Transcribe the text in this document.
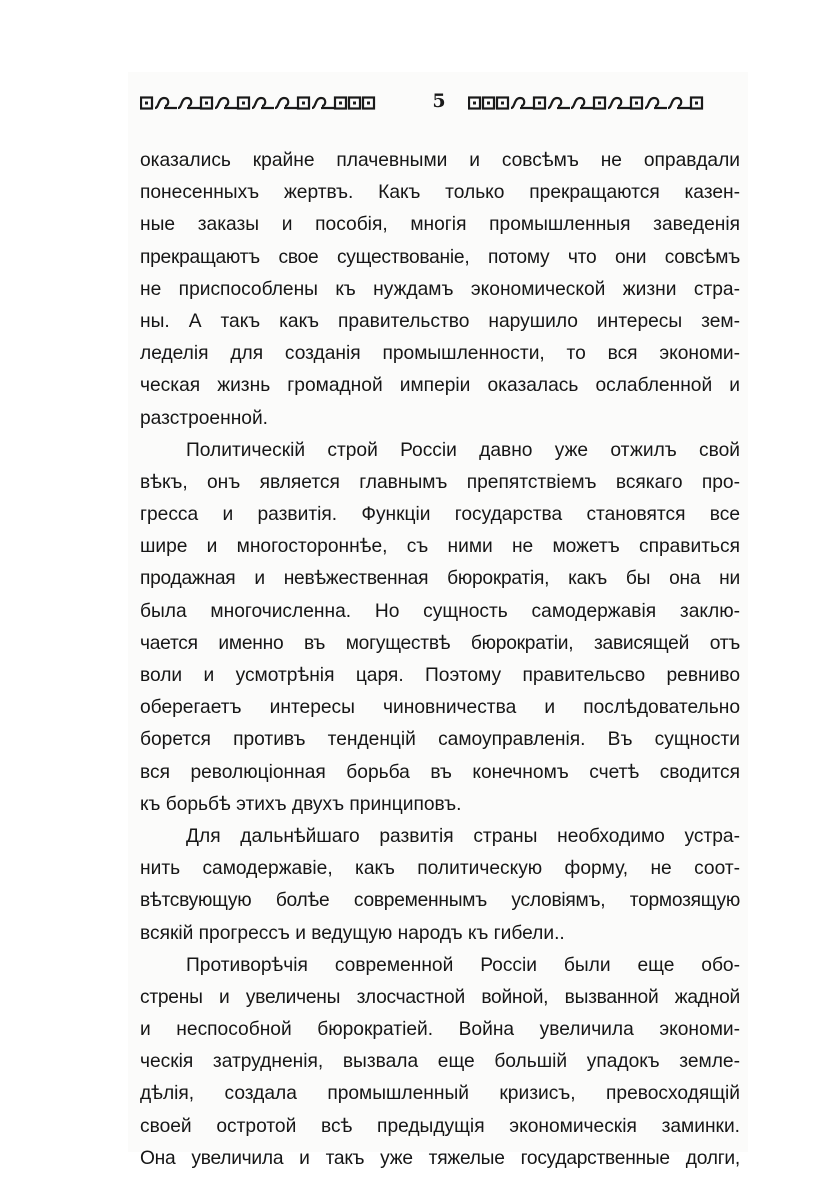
5
оказались крайне плачевными и совсѣмъ не оправдали
понесенныхъ жертвъ. Какъ только прекращаются казен-
ные заказы и пособія, многія промышленныя заведенія
прекращаютъ свое существованіе, потому что они совсѣмъ
не приспособлены къ нуждамъ экономической жизни стра-
ны. А такъ какъ правительство нарушило интересы зем-
леделія для созданія промышленности, то вся экономи-
ческая жизнь громадной имперіи оказалась ослабленной и
разстроенной.
Политическій строй Россіи давно уже отжилъ свой
вѣкъ, онъ является главнымъ препятствіемъ всякаго про-
гресса и развитія. Функціи государства становятся все
шире и многостороннѣе, съ ними не можетъ справиться
продажная и невѣжественная бюрократія, какъ бы она ни
была многочисленна. Но сущность самодержавія заклю-
чается именно въ могуществѣ бюрократіи, зависящей отъ
воли и усмотрѣнія царя. Поэтому правительсво ревниво
оберегаетъ интересы чиновничества и послѣдовательно
борется противъ тенденцій самоуправленія. Въ сущности
вся революціонная борьба въ конечномъ счетѣ сводится
къ борьбѣ этихъ двухъ принциповъ.
Для дальнѣйшаго развитія страны необходимо устра-
нить самодержавіе, какъ политическую форму, не соот-
вѣтсвующую болѣе современнымъ условіямъ, тормозящую
всякій прогрессъ и ведущую народъ къ гибели..
Противорѣчія современной Россіи были еще обо-
стрены и увеличены злосчастной войной, вызванной жадной
и неспособной бюрократіей. Война увеличила экономи-
ческія затрудненія, вызвала еще большій упадокъ земле-
дѣлія, создала промышленный кризисъ, превосходящій
своей остротой всѣ предыдущія экономическія заминки.
Она увеличила и такъ уже тяжелые государственные долги,
